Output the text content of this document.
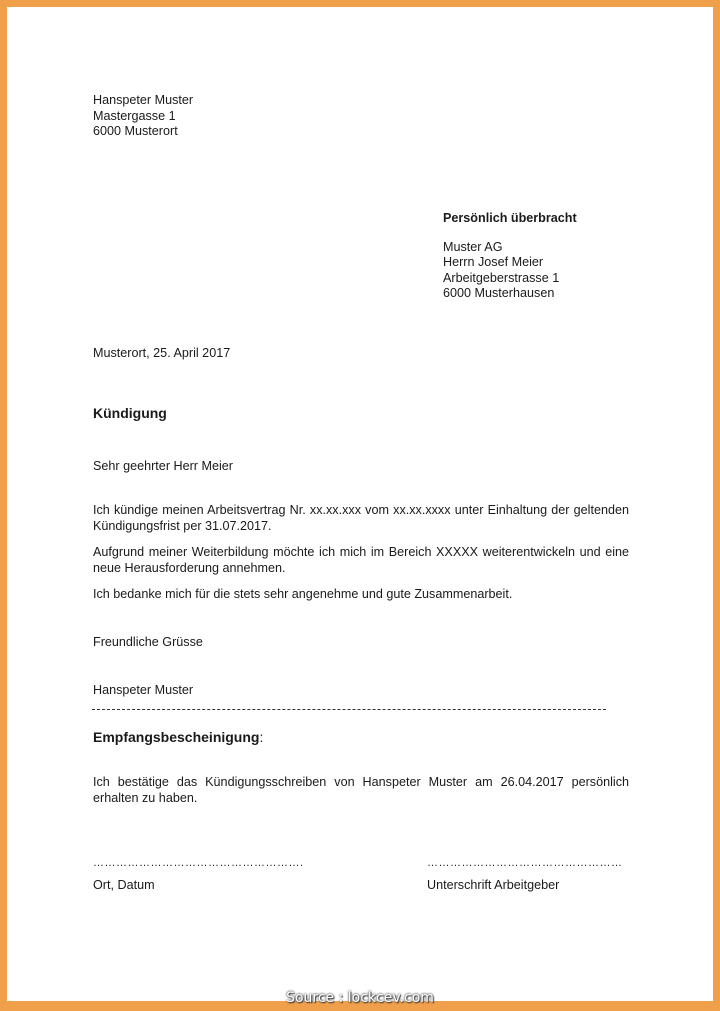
Hanspeter Muster
Mastergasse 1
6000 Musterort
Persönlich überbracht
Muster AG
Herrn Josef Meier
Arbeitgeberstrasse 1
6000 Musterhausen
Musterort, 25. April 2017
Kündigung
Sehr geehrter Herr Meier
Ich kündige meinen Arbeitsvertrag Nr. xx.xx.xxx vom xx.xx.xxxx unter Einhaltung der geltenden Kündigungsfrist per 31.07.2017.
Aufgrund meiner Weiterbildung möchte ich mich im Bereich XXXXX weiterentwickeln und eine neue Herausforderung annehmen.
Ich bedanke mich für die stets sehr angenehme und gute Zusammenarbeit.
Freundliche Grüsse
Hanspeter Muster
Empfangsbescheinigung:
Ich bestätige das Kündigungsschreiben von Hanspeter Muster am 26.04.2017 persönlich erhalten zu haben.
……………………………………………….	……………………………………………
Ort, Datum	Unterschrift Arbeitgeber
Source : lockcev.com
